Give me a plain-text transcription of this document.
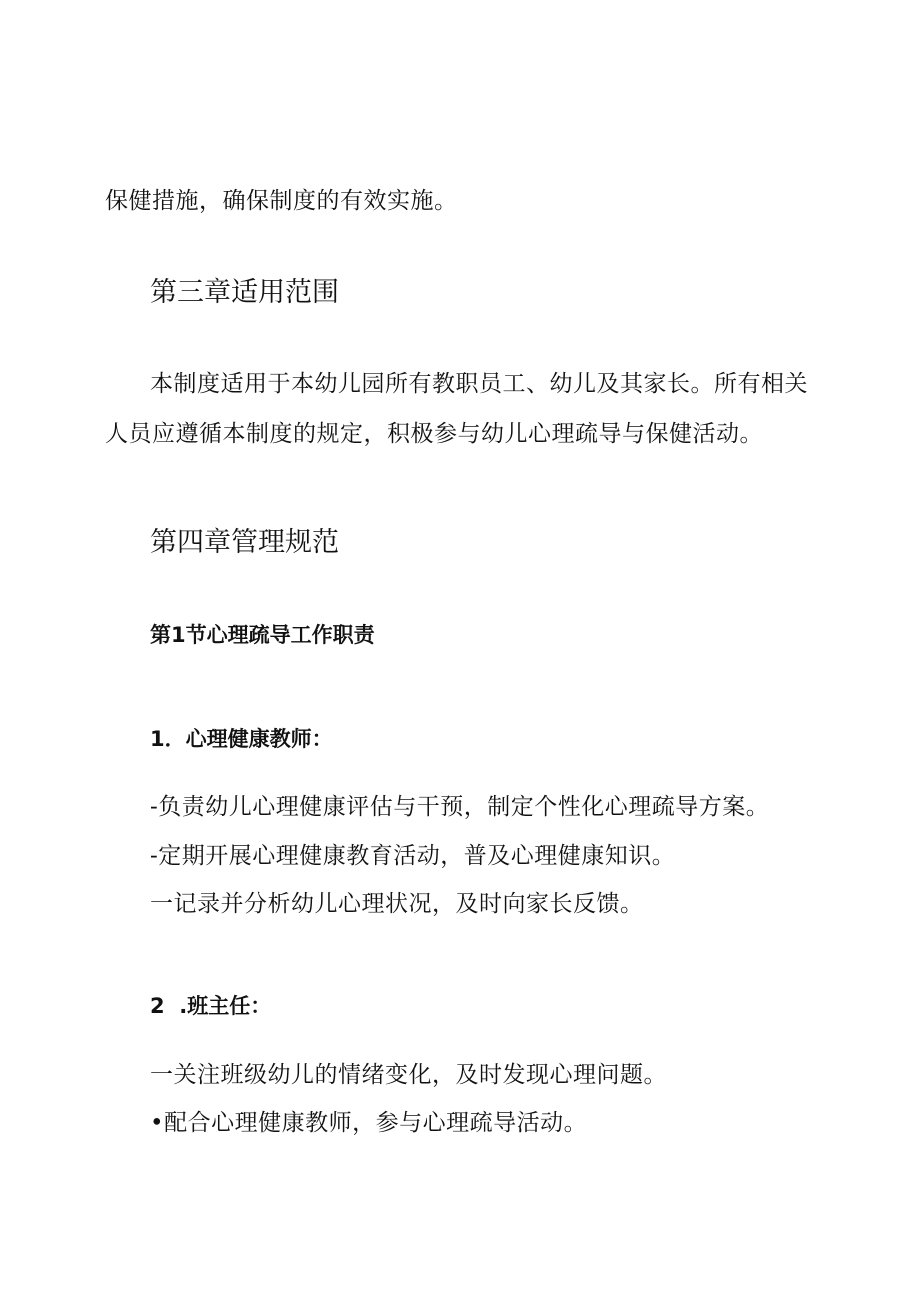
保健措施，确保制度的有效实施。
第三章适用范围
本制度适用于本幼儿园所有教职员工、幼儿及其家长。所有相关
人员应遵循本制度的规定，积极参与幼儿心理疏导与保健活动。
第四章管理规范
第1节心理疏导工作职责
1．心理健康教师：
-负责幼儿心理健康评估与干预，制定个性化心理疏导方案。
-定期开展心理健康教育活动，普及心理健康知识。
一记录并分析幼儿心理状况，及时向家长反馈。
2  .班主任：
一关注班级幼儿的情绪变化，及时发现心理问题。
•配合心理健康教师，参与心理疏导活动。
